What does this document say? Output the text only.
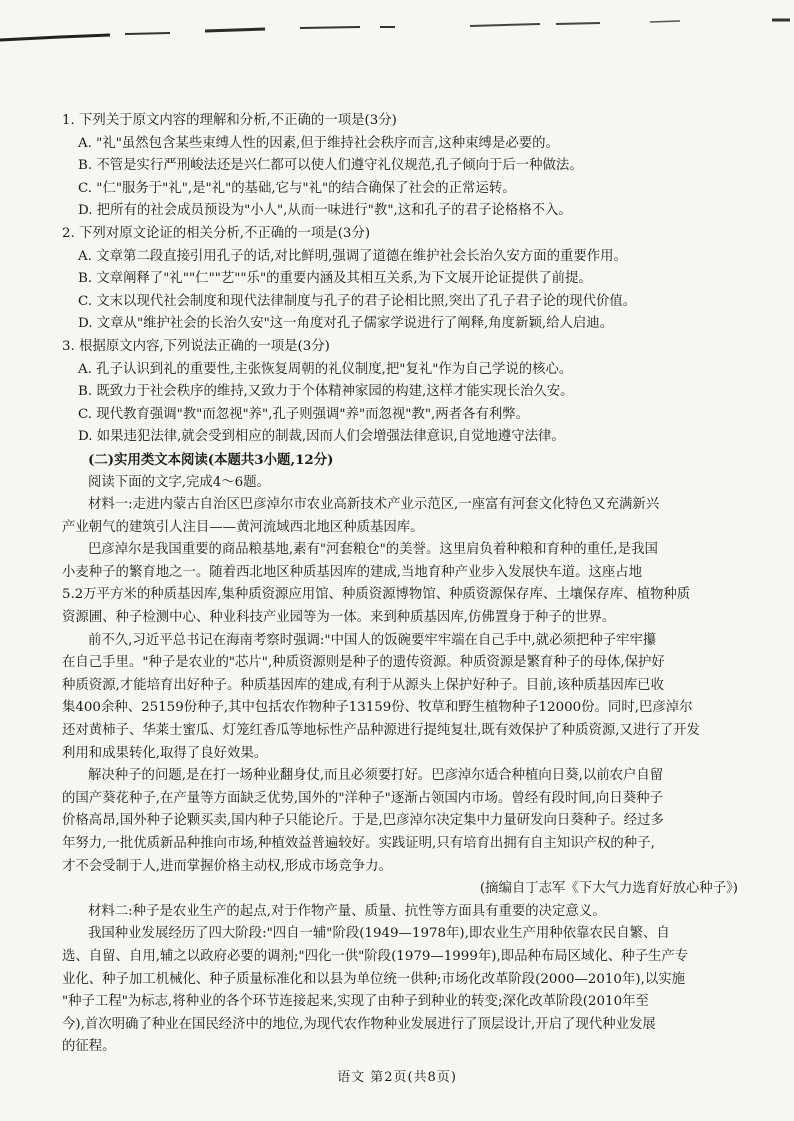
1. 下列关于原文内容的理解和分析,不正确的一项是(3分)
A. "礼"虽然包含某些束缚人性的因素,但于维持社会秩序而言,这种束缚是必要的。
B. 不管是实行严刑峻法还是兴仁都可以使人们遵守礼仪规范,孔子倾向于后一种做法。
C. "仁"服务于"礼",是"礼"的基础,它与"礼"的结合确保了社会的正常运转。
D. 把所有的社会成员预设为"小人",从而一味进行"教",这和孔子的君子论格格不入。
2. 下列对原文论证的相关分析,不正确的一项是(3分)
A. 文章第二段直接引用孔子的话,对比鲜明,强调了道德在维护社会长治久安方面的重要作用。
B. 文章阐释了"礼""仁""艺""乐"的重要内涵及其相互关系,为下文展开论证提供了前提。
C. 文末以现代社会制度和现代法律制度与孔子的君子论相比照,突出了孔子君子论的现代价值。
D. 文章从"维护社会的长治久安"这一角度对孔子儒家学说进行了阐释,角度新颖,给人启迪。
3. 根据原文内容,下列说法正确的一项是(3分)
A. 孔子认识到礼的重要性,主张恢复周朝的礼仪制度,把"复礼"作为自己学说的核心。
B. 既致力于社会秩序的维持,又致力于个体精神家园的构建,这样才能实现长治久安。
C. 现代教育强调"教"而忽视"养",孔子则强调"养"而忽视"教",两者各有利弊。
D. 如果违犯法律,就会受到相应的制裁,因而人们会增强法律意识,自觉地遵守法律。
(二)实用类文本阅读(本题共3小题,12分)
阅读下面的文字,完成4～6题。
材料一:走进内蒙古自治区巴彦淖尔市农业高新技术产业示范区,一座富有河套文化特色又充满新兴
产业朝气的建筑引人注目——黄河流域西北地区种质基因库。
巴彦淖尔是我国重要的商品粮基地,素有"河套粮仓"的美誉。这里肩负着种粮和育种的重任,是我国
小麦种子的繁育地之一。随着西北地区种质基因库的建成,当地育种产业步入发展快车道。这座占地
5.2万平方米的种质基因库,集种质资源应用馆、种质资源博物馆、种质资源保存库、土壤保存库、植物种质
资源圃、种子检测中心、种业科技产业园等为一体。来到种质基因库,仿佛置身于种子的世界。
前不久,习近平总书记在海南考察时强调:"中国人的饭碗要牢牢端在自己手中,就必须把种子牢牢攥
在自己手里。"种子是农业的"芯片",种质资源则是种子的遗传资源。种质资源是繁育种子的母体,保护好
种质资源,才能培育出好种子。种质基因库的建成,有利于从源头上保护好种子。目前,该种质基因库已收
集400余种、25159份种子,其中包括农作物种子13159份、牧草和野生植物种子12000份。同时,巴彦淖尔
还对黄柿子、华莱士蜜瓜、灯笼红香瓜等地标性产品种源进行提纯复壮,既有效保护了种质资源,又进行了开发
利用和成果转化,取得了良好效果。
解决种子的问题,是在打一场种业翻身仗,而且必须要打好。巴彦淖尔适合种植向日葵,以前农户自留
的国产葵花种子,在产量等方面缺乏优势,国外的"洋种子"逐渐占领国内市场。曾经有段时间,向日葵种子
价格高昂,国外种子论颗买卖,国内种子只能论斤。于是,巴彦淖尔决定集中力量研发向日葵种子。经过多
年努力,一批优质新品种推向市场,种植效益普遍较好。实践证明,只有培育出拥有自主知识产权的种子,
才不会受制于人,进而掌握价格主动权,形成市场竞争力。
(摘编自丁志军《下大气力选育好放心种子》)
材料二:种子是农业生产的起点,对于作物产量、质量、抗性等方面具有重要的决定意义。
我国种业发展经历了四大阶段:"四自一辅"阶段(1949—1978年),即农业生产用种依靠农民自繁、自
选、自留、自用,辅之以政府必要的调剂;"四化一供"阶段(1979—1999年),即品种布局区域化、种子生产专
业化、种子加工机械化、种子质量标准化和以县为单位统一供种;市场化改革阶段(2000—2010年),以实施
"种子工程"为标志,将种业的各个环节连接起来,实现了由种子到种业的转变;深化改革阶段(2010年至
今),首次明确了种业在国民经济中的地位,为现代农作物种业发展进行了顶层设计,开启了现代种业发展
的征程。
语文 第2页(共8页)
